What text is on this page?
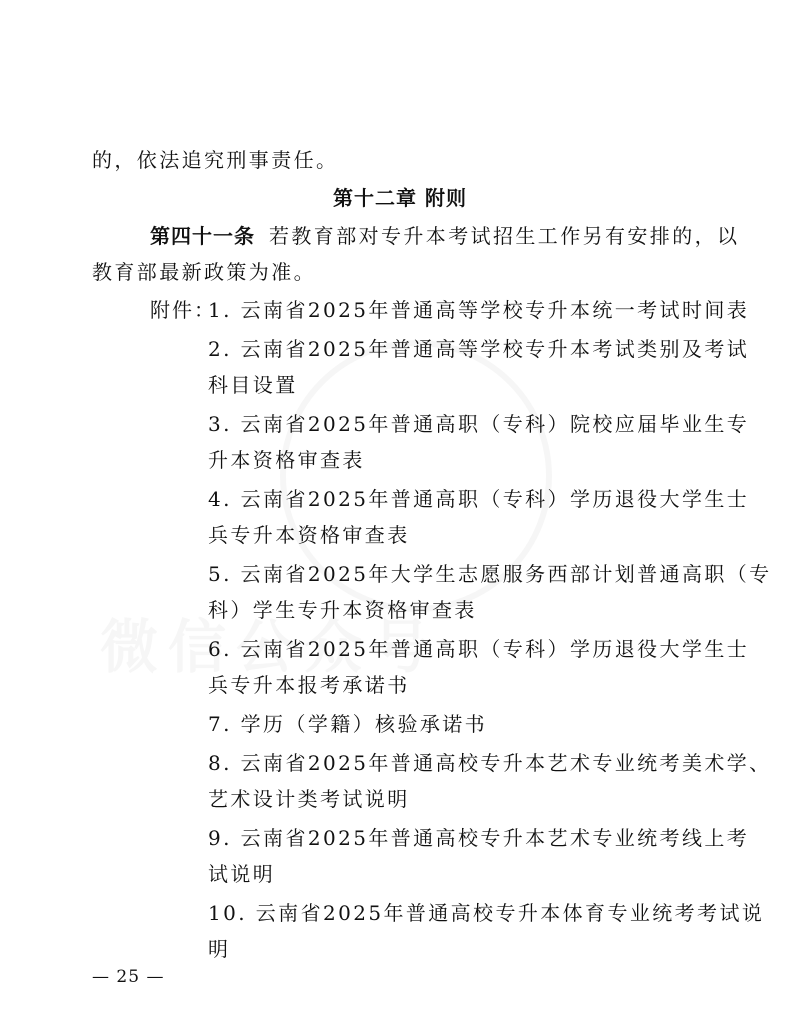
的，依法追究刑事责任。
第十二章 附则
第四十一条 若教育部对专升本考试招生工作另有安排的，以
教育部最新政策为准。
附件：
1. 云南省2025年普通高等学校专升本统一考试时间表
2. 云南省2025年普通高等学校专升本考试类别及考试
科目设置
3. 云南省2025年普通高职（专科）院校应届毕业生专
升本资格审查表
4. 云南省2025年普通高职（专科）学历退役大学生士
兵专升本资格审查表
5. 云南省2025年大学生志愿服务西部计划普通高职（专
科）学生专升本资格审查表
6. 云南省2025年普通高职（专科）学历退役大学生士
兵专升本报考承诺书
7. 学历（学籍）核验承诺书
8. 云南省2025年普通高校专升本艺术专业统考美术学、
艺术设计类考试说明
9. 云南省2025年普通高校专升本艺术专业统考线上考
试说明
10. 云南省2025年普通高校专升本体育专业统考考试说
明
— 25 —
